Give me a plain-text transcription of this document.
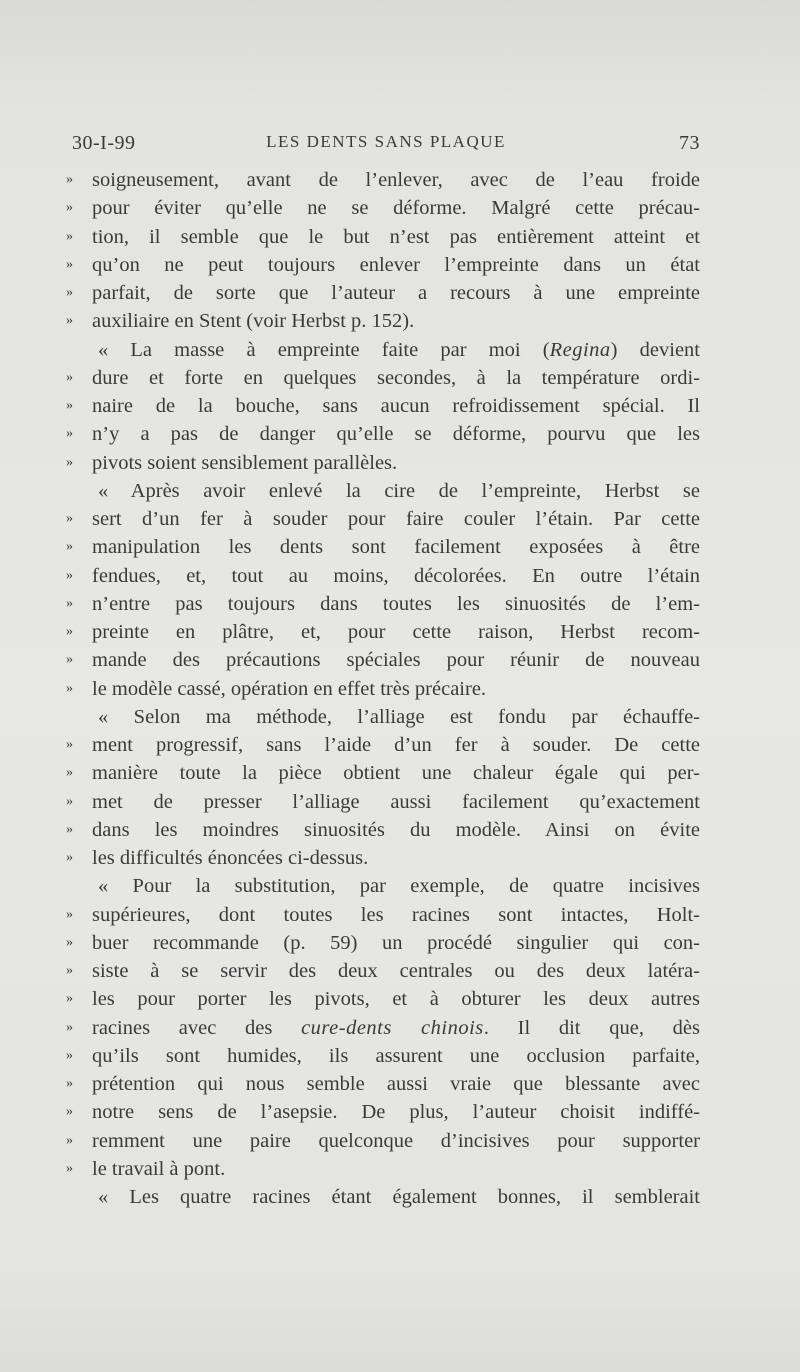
30-I-99	LES DENTS SANS PLAQUE	73
» soigneusement, avant de l’enlever, avec de l’eau froide
» pour éviter qu’elle ne se déforme. Malgré cette précau-
» tion, il semble que le but n’est pas entièrement atteint et
» qu’on ne peut toujours enlever l’empreinte dans un état
» parfait, de sorte que l’auteur a recours à une empreinte
» auxiliaire en Stent (voir Herbst p. 152).
« La masse à empreinte faite par moi (Regina) devient
» dure et forte en quelques secondes, à la température ordi-
» naire de la bouche, sans aucun refroidissement spécial. Il
» n’y a pas de danger qu’elle se déforme, pourvu que les
» pivots soient sensiblement parallèles.
« Après avoir enlevé la cire de l’empreinte, Herbst se
» sert d’un fer à souder pour faire couler l’étain. Par cette
» manipulation les dents sont facilement exposées à être
» fendues, et, tout au moins, décolorées. En outre l’étain
» n’entre pas toujours dans toutes les sinuosités de l’em-
» preinte en plâtre, et, pour cette raison, Herbst recom-
» mande des précautions spéciales pour réunir de nouveau
» le modèle cassé, opération en effet très précaire.
« Selon ma méthode, l’alliage est fondu par échauffe-
» ment progressif, sans l’aide d’un fer à souder. De cette
» manière toute la pièce obtient une chaleur égale qui per-
» met de presser l’alliage aussi facilement qu’exactement
» dans les moindres sinuosités du modèle. Ainsi on évite
» les difficultés énoncées ci-dessus.
« Pour la substitution, par exemple, de quatre incisives
» supérieures, dont toutes les racines sont intactes, Holt-
» buer recommande (p. 59) un procédé singulier qui con-
» siste à se servir des deux centrales ou des deux latéra-
» les pour porter les pivots, et à obturer les deux autres
» racines avec des cure-dents chinois. Il dit que, dès
» qu’ils sont humides, ils assurent une occlusion parfaite,
» prétention qui nous semble aussi vraie que blessante avec
» notre sens de l’asepsie. De plus, l’auteur choisit indiffé-
» remment une paire quelconque d’incisives pour supporter
» le travail à pont.
« Les quatre racines étant également bonnes, il semblerait
